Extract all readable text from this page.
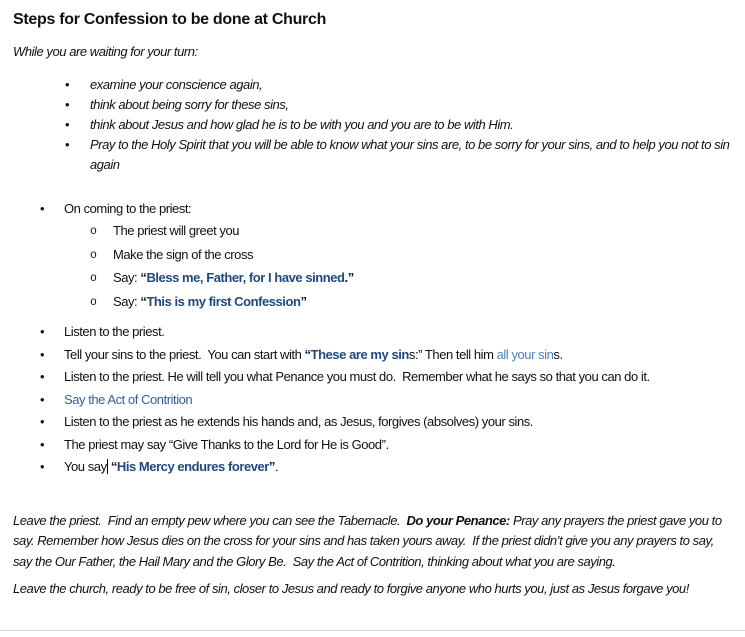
Steps for Confession to be done at Church

While you are waiting for your turn:

•	examine your conscience again,
•	think about being sorry for these sins,
•	think about Jesus and how glad he is to be with you and you are to be with Him.
•	Pray to the Holy Spirit that you will be able to know what your sins are, to be sorry for your sins, and to help you not to sin again
•	On coming to the priest:
o	The priest will greet you
o	Make the sign of the cross
o	Say: “Bless me, Father, for I have sinned.”
o	Say: “This is my first Confession”
•	Listen to the priest.
•	Tell your sins to the priest.  You can start with “These are my sins:” Then tell him all your sins.
•	Listen to the priest. He will tell you what Penance you must do.  Remember what he says so that you can do it.
•	Say the Act of Contrition
•	Listen to the priest as he extends his hands and, as Jesus, forgives (absolves) your sins.
•	The priest may say “Give Thanks to the Lord for He is Good”.
•	You say “His Mercy endures forever”.

Leave the priest.  Find an empty pew where you can see the Tabernacle.  Do your Penance: Pray any prayers the priest gave you to say. Remember how Jesus dies on the cross for your sins and has taken yours away.  If the priest didn’t give you any prayers to say, say the Our Father, the Hail Mary and the Glory Be.  Say the Act of Contrition, thinking about what you are saying.

Leave the church, ready to be free of sin, closer to Jesus and ready to forgive anyone who hurts you, just as Jesus forgave you!
